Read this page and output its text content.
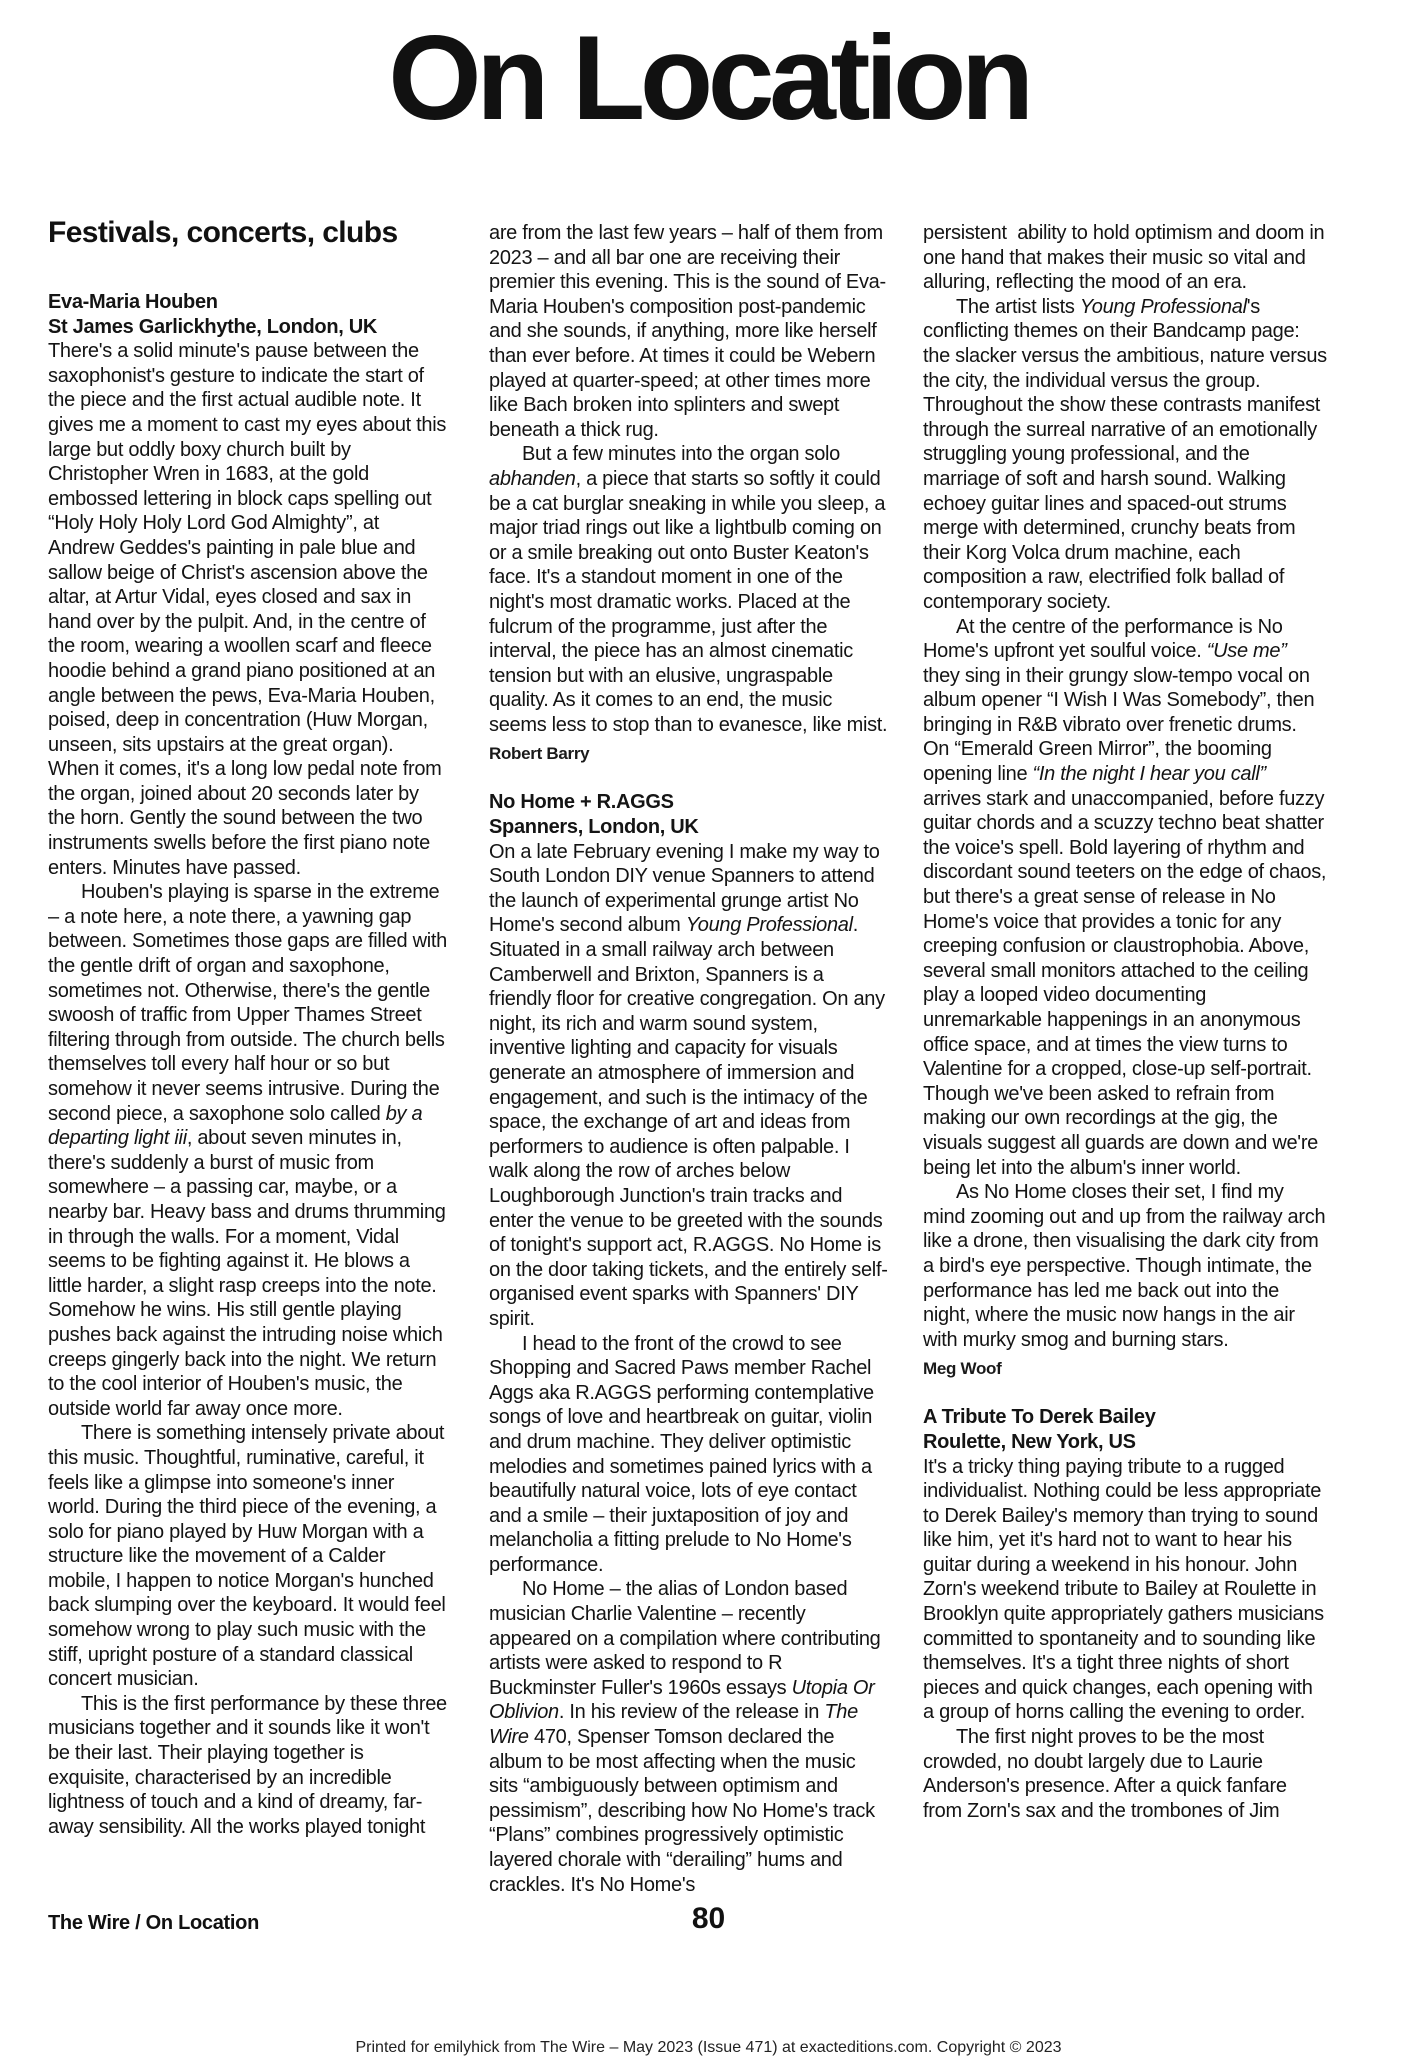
On Location
Festivals, concerts, clubs
Eva-Maria Houben
St James Garlickhythe, London, UK

There's a solid minute's pause between the saxophonist's gesture to indicate the start of the piece and the first actual audible note. It gives me a moment to cast my eyes about this large but oddly boxy church built by Christopher Wren in 1683, at the gold embossed lettering in block caps spelling out “Holy Holy Holy Lord God Almighty”, at Andrew Geddes's painting in pale blue and sallow beige of Christ's ascension above the altar, at Artur Vidal, eyes closed and sax in hand over by the pulpit. And, in the centre of the room, wearing a woollen scarf and fleece hoodie behind a grand piano positioned at an angle between the pews, Eva-Maria Houben, poised, deep in concentration (Huw Morgan, unseen, sits upstairs at the great organ). When it comes, it's a long low pedal note from the organ, joined about 20 seconds later by the horn. Gently the sound between the two instruments swells before the first piano note enters. Minutes have passed.

Houben's playing is sparse in the extreme – a note here, a note there, a yawning gap between. Sometimes those gaps are filled with the gentle drift of organ and saxophone, sometimes not. Otherwise, there's the gentle swoosh of traffic from Upper Thames Street filtering through from outside. The church bells themselves toll every half hour or so but somehow it never seems intrusive. During the second piece, a saxophone solo called by a departing light iii, about seven minutes in, there's suddenly a burst of music from somewhere – a passing car, maybe, or a nearby bar. Heavy bass and drums thrumming in through the walls. For a moment, Vidal seems to be fighting against it. He blows a little harder, a slight rasp creeps into the note. Somehow he wins. His still gentle playing pushes back against the intruding noise which creeps gingerly back into the night. We return to the cool interior of Houben's music, the outside world far away once more.

There is something intensely private about this music. Thoughtful, ruminative, careful, it feels like a glimpse into someone's inner world. During the third piece of the evening, a solo for piano played by Huw Morgan with a structure like the movement of a Calder mobile, I happen to notice Morgan's hunched back slumping over the keyboard. It would feel somehow wrong to play such music with the stiff, upright posture of a standard classical concert musician.

This is the first performance by these three musicians together and it sounds like it won't be their last. Their playing together is exquisite, characterised by an incredible lightness of touch and a kind of dreamy, far-away sensibility. All the works played tonight

are from the last few years – half of them from 2023 – and all bar one are receiving their premier this evening. This is the sound of Eva-Maria Houben's composition post-pandemic and she sounds, if anything, more like herself than ever before. At times it could be Webern played at quarter-speed; at other times more like Bach broken into splinters and swept beneath a thick rug.

But a few minutes into the organ solo abhanden, a piece that starts so softly it could be a cat burglar sneaking in while you sleep, a major triad rings out like a lightbulb coming on or a smile breaking out onto Buster Keaton's face. It's a standout moment in one of the night's most dramatic works. Placed at the fulcrum of the programme, just after the interval, the piece has an almost cinematic tension but with an elusive, ungraspable quality. As it comes to an end, the music seems less to stop than to evanesce, like mist.

Robert Barry
No Home + R.AGGS
Spanners, London, UK

On a late February evening I make my way to South London DIY venue Spanners to attend the launch of experimental grunge artist No Home's second album Young Professional. Situated in a small railway arch between Camberwell and Brixton, Spanners is a friendly floor for creative congregation. On any night, its rich and warm sound system, inventive lighting and capacity for visuals generate an atmosphere of immersion and engagement, and such is the intimacy of the space, the exchange of art and ideas from performers to audience is often palpable. I walk along the row of arches below Loughborough Junction's train tracks and enter the venue to be greeted with the sounds of tonight's support act, R.AGGS. No Home is on the door taking tickets, and the entirely self-organised event sparks with Spanners' DIY spirit.

I head to the front of the crowd to see Shopping and Sacred Paws member Rachel Aggs aka R.AGGS performing contemplative songs of love and heartbreak on guitar, violin and drum machine. They deliver optimistic melodies and sometimes pained lyrics with a beautifully natural voice, lots of eye contact and a smile – their juxtaposition of joy and melancholia a fitting prelude to No Home's performance.

No Home – the alias of London based musician Charlie Valentine – recently appeared on a compilation where contributing artists were asked to respond to R Buckminster Fuller's 1960s essays Utopia Or Oblivion. In his review of the release in The Wire 470, Spenser Tomson declared the album to be most affecting when the music sits “ambiguously between optimism and pessimism”, describing how No Home's track “Plans” combines progressively optimistic layered chorale with “derailing” hums and crackles. It's No Home's

persistent  ability to hold optimism and doom in one hand that makes their music so vital and alluring, reflecting the mood of an era.

The artist lists Young Professional's conflicting themes on their Bandcamp page: the slacker versus the ambitious, nature versus the city, the individual versus the group. Throughout the show these contrasts manifest through the surreal narrative of an emotionally struggling young professional, and the marriage of soft and harsh sound. Walking echoey guitar lines and spaced-out strums merge with determined, crunchy beats from their Korg Volca drum machine, each composition a raw, electrified folk ballad of contemporary society.

At the centre of the performance is No Home's upfront yet soulful voice. “Use me” they sing in their grungy slow-tempo vocal on album opener “I Wish I Was Somebody”, then bringing in R&B vibrato over frenetic drums. On “Emerald Green Mirror”, the booming opening line “In the night I hear you call” arrives stark and unaccompanied, before fuzzy guitar chords and a scuzzy techno beat shatter the voice's spell. Bold layering of rhythm and discordant sound teeters on the edge of chaos, but there's a great sense of release in No Home's voice that provides a tonic for any creeping confusion or claustrophobia. Above, several small monitors attached to the ceiling play a looped video documenting unremarkable happenings in an anonymous office space, and at times the view turns to Valentine for a cropped, close-up self-portrait. Though we've been asked to refrain from making our own recordings at the gig, the visuals suggest all guards are down and we're being let into the album's inner world.

As No Home closes their set, I find my mind zooming out and up from the railway arch like a drone, then visualising the dark city from a bird's eye perspective. Though intimate, the performance has led me back out into the night, where the music now hangs in the air with murky smog and burning stars.

Meg Woof
A Tribute To Derek Bailey
Roulette, New York, US

It's a tricky thing paying tribute to a rugged individualist. Nothing could be less appropriate to Derek Bailey's memory than trying to sound like him, yet it's hard not to want to hear his guitar during a weekend in his honour. John Zorn's weekend tribute to Bailey at Roulette in Brooklyn quite appropriately gathers musicians committed to spontaneity and to sounding like themselves. It's a tight three nights of short pieces and quick changes, each opening with a group of horns calling the evening to order.

The first night proves to be the most crowded, no doubt largely due to Laurie Anderson's presence. After a quick fanfare from Zorn's sax and the trombones of Jim

The Wire / On Location	80
Printed for emilyhick from The Wire – May 2023 (Issue 471) at exacteditions.com. Copyright © 2023
